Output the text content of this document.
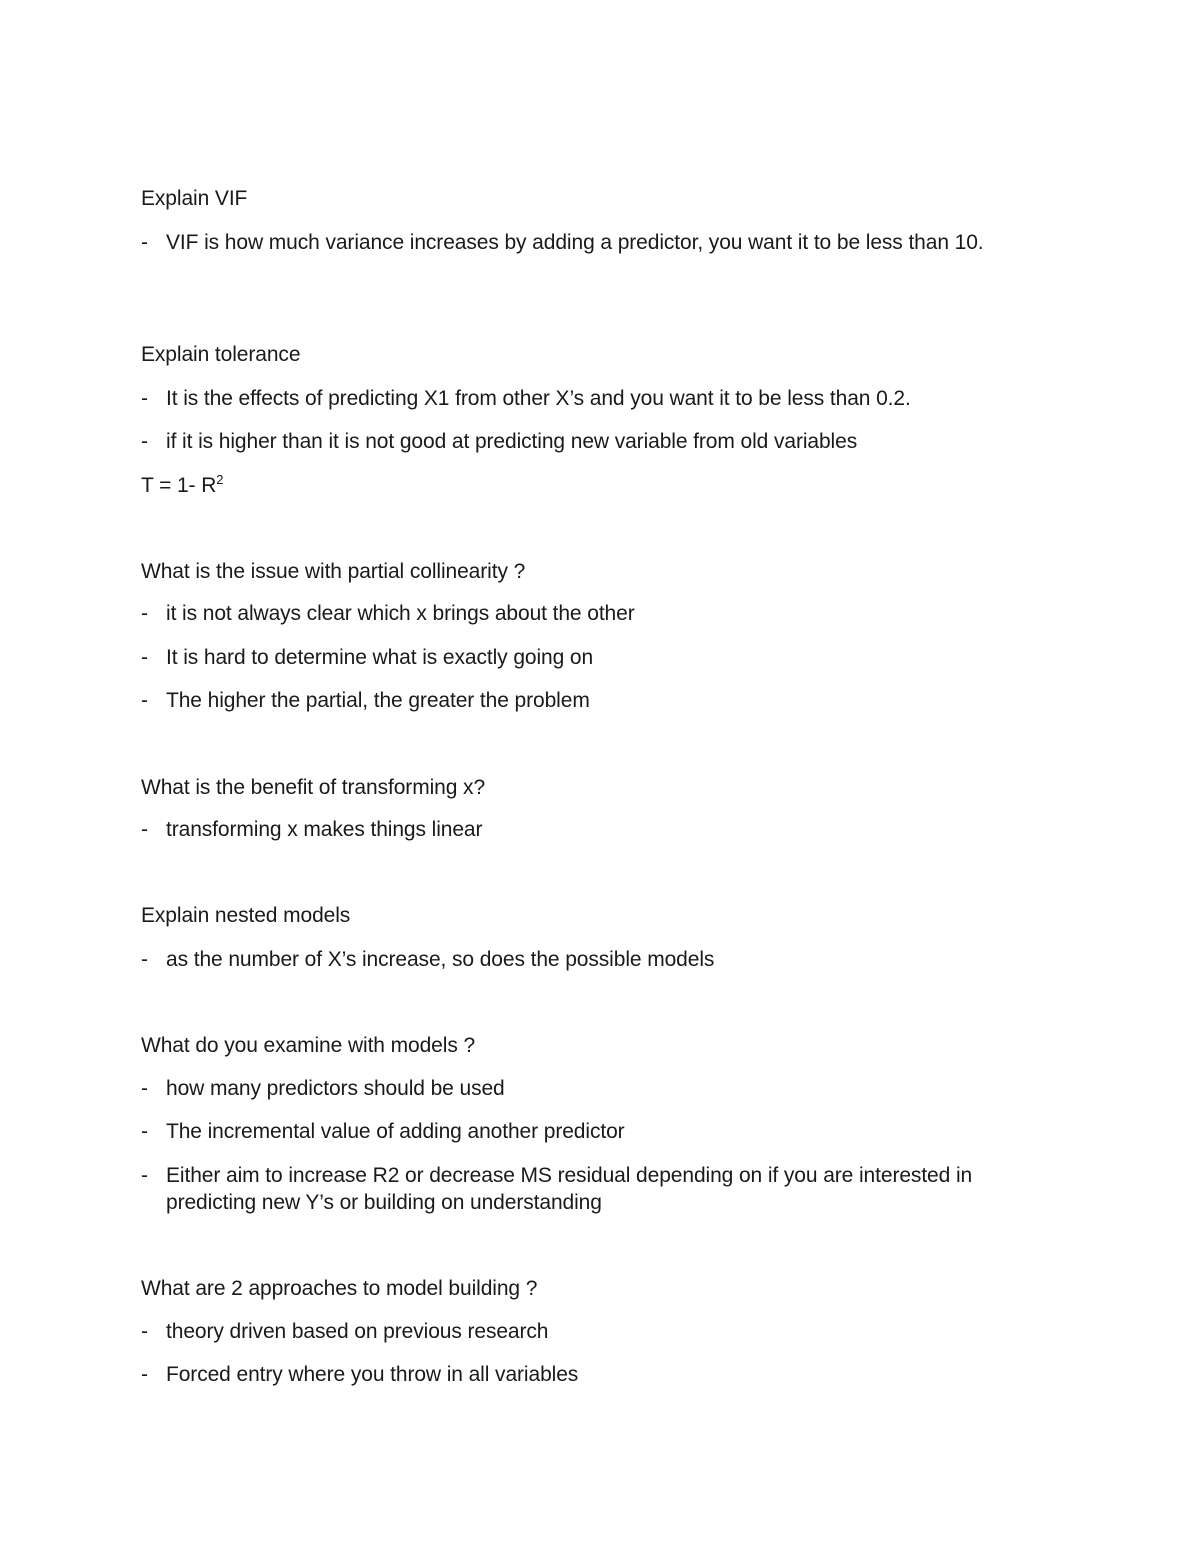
Explain VIF
- VIF is how much variance increases by adding a predictor, you want it to be less than 10.
Explain tolerance
- It is the effects of predicting X1 from other X’s and you want it to be less than 0.2.
- if it is higher than it is not good at predicting new variable from old variables
T = 1- $R^2$
What is the issue with partial collinearity ?
- it is not always clear which x brings about the other
- It is hard to determine what is exactly going on
- The higher the partial, the greater the problem
What is the benefit of transforming x?
- transforming x makes things linear
Explain nested models
- as the number of X’s increase, so does the possible models
What do you examine with models ?
- how many predictors should be used
- The incremental value of adding another predictor
- Either aim to increase R2 or decrease MS residual depending on if you are interested in predicting new Y’s or building on understanding
What are 2 approaches to model building ?
- theory driven based on previous research
- Forced entry where you throw in all variables
